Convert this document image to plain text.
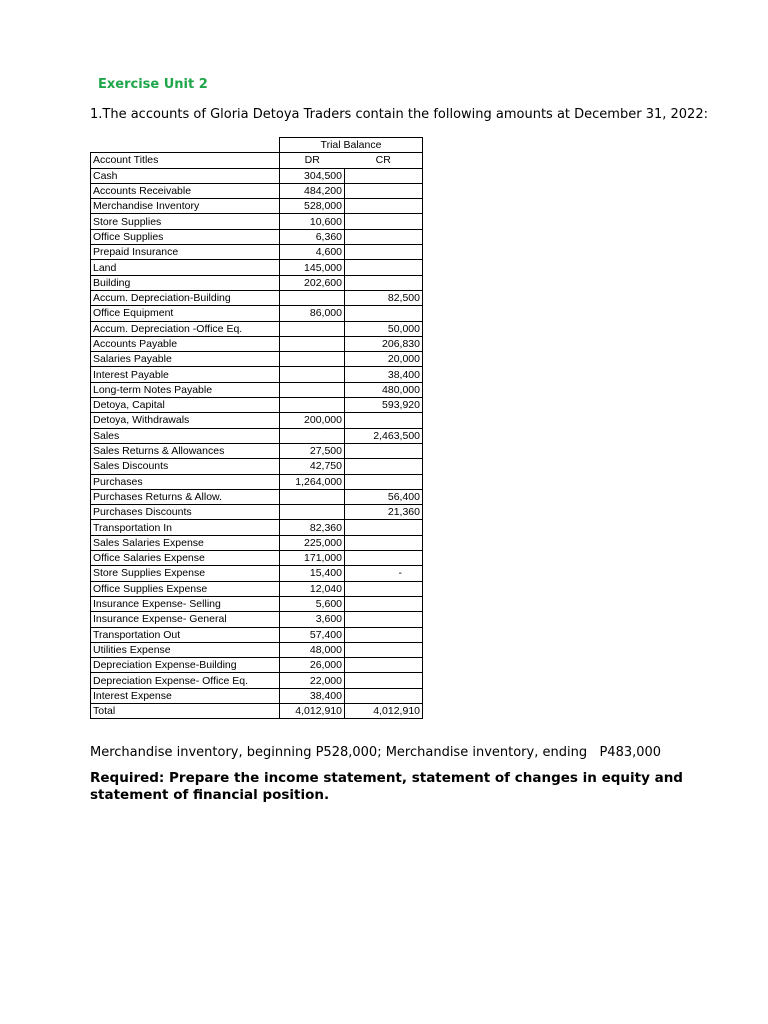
Exercise Unit 2
1.The accounts of Gloria Detoya Traders contain the following amounts at December 31, 2022:
	Trial Balance	
Account Titles	DR	CR
Cash	304,500	
Accounts Receivable	484,200	
Merchandise Inventory	528,000	
Store Supplies	10,600	
Office Supplies	6,360	
Prepaid Insurance	4,600	
Land	145,000	
Building	202,600	
Accum. Depreciation-Building		82,500
Office Equipment	86,000	
Accum. Depreciation -Office Eq.		50,000
Accounts Payable		206,830
Salaries Payable		20,000
Interest Payable		38,400
Long-term Notes Payable		480,000
Detoya, Capital		593,920
Detoya, Withdrawals	200,000	
Sales		2,463,500
Sales Returns & Allowances	27,500	
Sales Discounts	42,750	
Purchases	1,264,000	
Purchases Returns & Allow.		56,400
Purchases Discounts		21,360
Transportation In	82,360	
Sales Salaries Expense	225,000	
Office Salaries Expense	171,000	
Store Supplies Expense	15,400	-
Office Supplies Expense	12,040	
Insurance Expense- Selling	5,600	
Insurance Expense- General	3,600	
Transportation Out	57,400	
Utilities Expense	48,000	
Depreciation Expense-Building	26,000	
Depreciation Expense- Office Eq.	22,000	
Interest Expense	38,400	
Total	4,012,910	4,012,910
Merchandise inventory, beginning P528,000; Merchandise inventory, ending   P483,000
Required: Prepare the income statement, statement of changes in equity and statement of financial position.
